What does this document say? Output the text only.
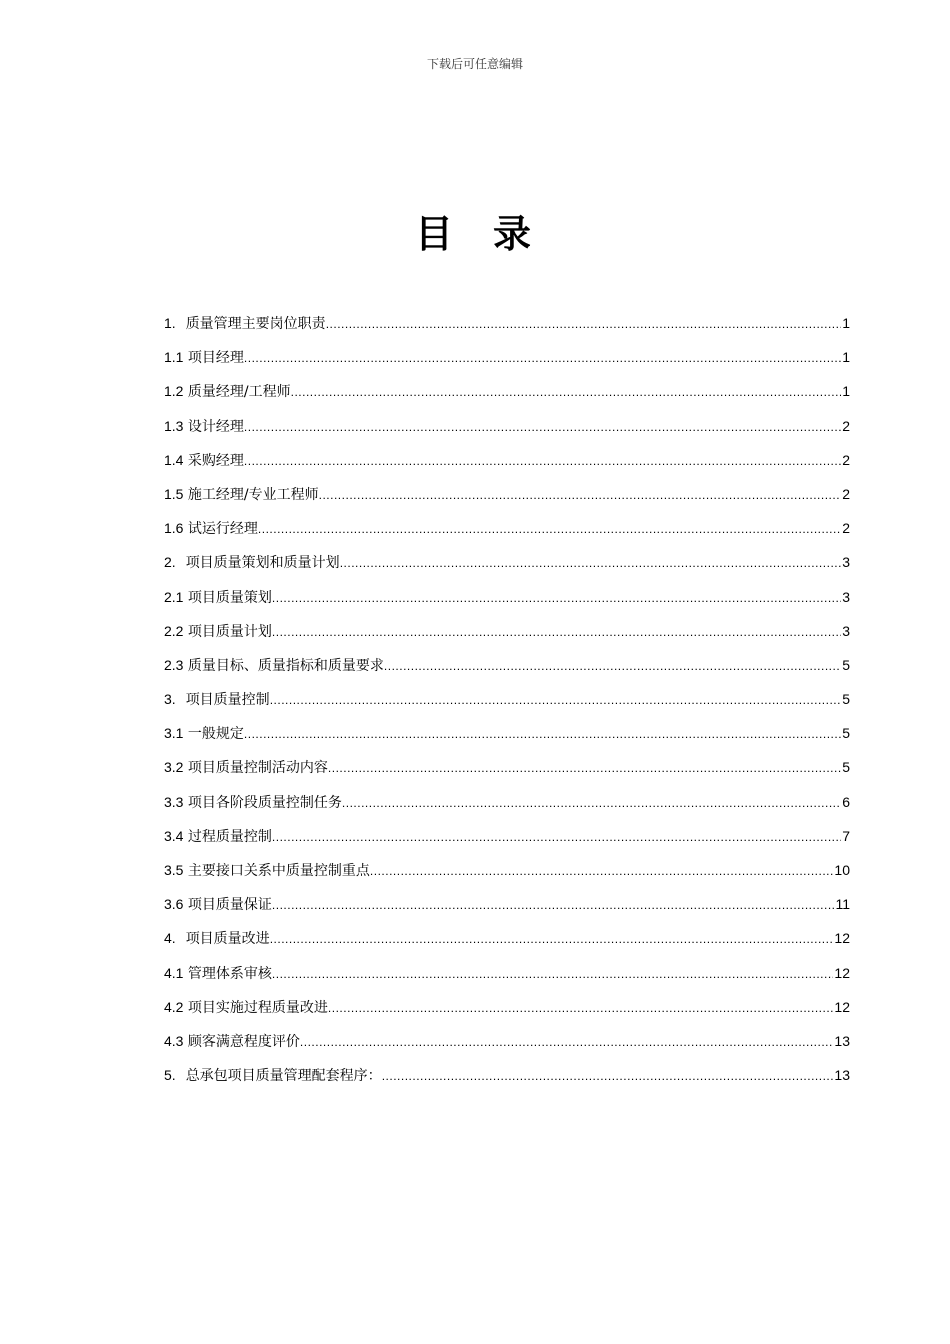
下载后可任意编辑
目录
1. 质量管理主要岗位职责 .....	1
1.1 项目经理 .....	1
1.2 质量经理/工程师 .....	1
1.3 设计经理 .....	2
1.4 采购经理 .....	2
1.5 施工经理/专业工程师 .....	2
1.6 试运行经理 .....	2
2. 项目质量策划和质量计划 .....	3
2.1 项目质量策划 .....	3
2.2 项目质量计划 .....	3
2.3 质量目标、质量指标和质量要求 .....	5
3. 项目质量控制 .....	5
3.1 一般规定 .....	5
3.2 项目质量控制活动内容 .....	5
3.3 项目各阶段质量控制任务 .....	6
3.4 过程质量控制 .....	7
3.5 主要接口关系中质量控制重点 .....	10
3.6 项目质量保证 .....	11
4. 项目质量改进 .....	12
4.1 管理体系审核 .....	12
4.2 项目实施过程质量改进 .....	12
4.3 顾客满意程度评价 .....	13
5. 总承包项目质量管理配套程序： .....	13
